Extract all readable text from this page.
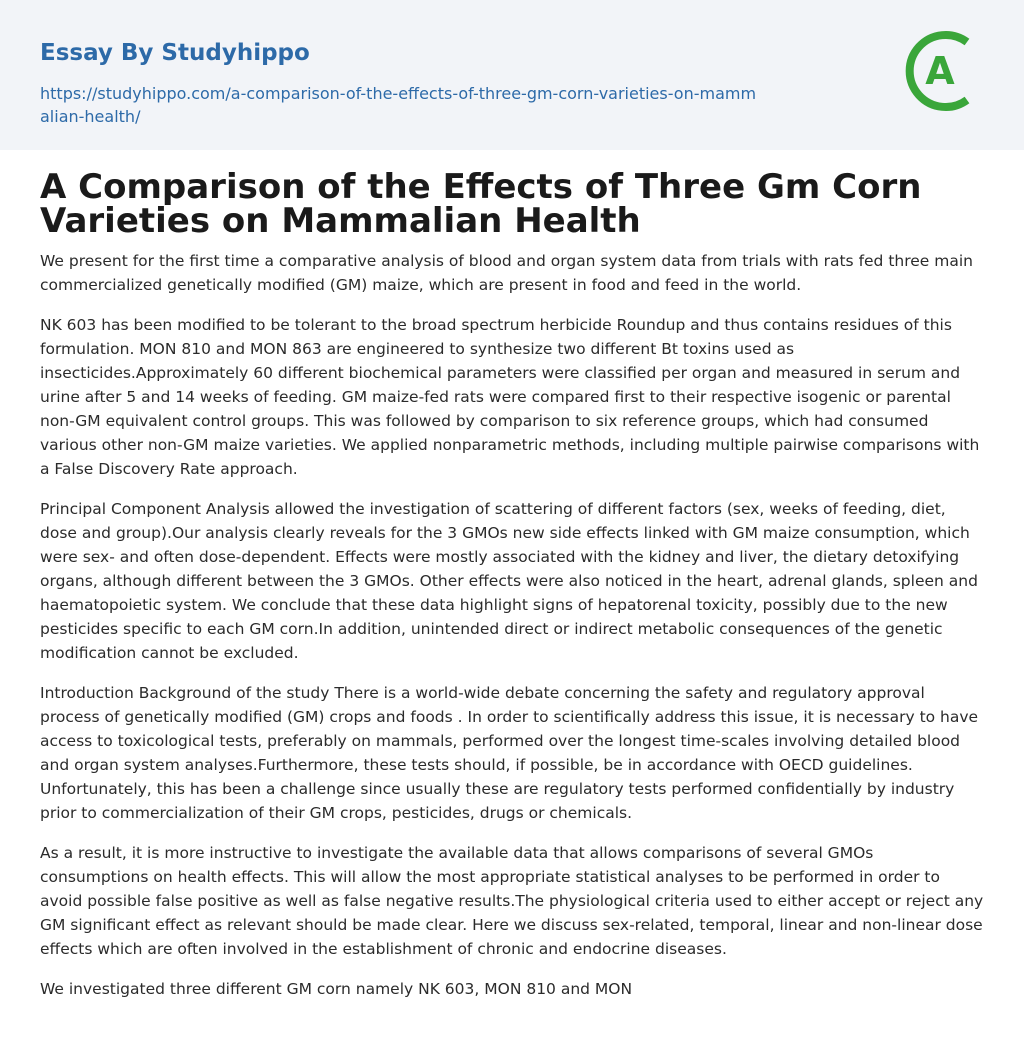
Essay By Studyhippo
https://studyhippo.com/a-comparison-of-the-effects-of-three-gm-corn-varieties-on-mammalian-health/
A
A Comparison of the Effects of Three Gm Corn Varieties on Mammalian Health

We present for the first time a comparative analysis of blood and organ system data from trials with rats fed three main commercialized genetically modified (GM) maize, which are present in food and feed in the world.

NK 603 has been modified to be tolerant to the broad spectrum herbicide Roundup and thus contains residues of this formulation. MON 810 and MON 863 are engineered to synthesize two different Bt toxins used as insecticides.Approximately 60 different biochemical parameters were classified per organ and measured in serum and urine after 5 and 14 weeks of feeding. GM maize-fed rats were compared first to their respective isogenic or parental non-GM equivalent control groups. This was followed by comparison to six reference groups, which had consumed various other non-GM maize varieties. We applied nonparametric methods, including multiple pairwise comparisons with a False Discovery Rate approach.

Principal Component Analysis allowed the investigation of scattering of different factors (sex, weeks of feeding, diet, dose and group).Our analysis clearly reveals for the 3 GMOs new side effects linked with GM maize consumption, which were sex- and often dose-dependent. Effects were mostly associated with the kidney and liver, the dietary detoxifying organs, although different between the 3 GMOs. Other effects were also noticed in the heart, adrenal glands, spleen and haematopoietic system. We conclude that these data highlight signs of hepatorenal toxicity, possibly due to the new pesticides specific to each GM corn.In addition, unintended direct or indirect metabolic consequences of the genetic modification cannot be excluded.

Introduction Background of the study There is a world-wide debate concerning the safety and regulatory approval process of genetically modified (GM) crops and foods . In order to scientifically address this issue, it is necessary to have access to toxicological tests, preferably on mammals, performed over the longest time-scales involving detailed blood and organ system analyses.Furthermore, these tests should, if possible, be in accordance with OECD guidelines. Unfortunately, this has been a challenge since usually these are regulatory tests performed confidentially by industry prior to commercialization of their GM crops, pesticides, drugs or chemicals.

As a result, it is more instructive to investigate the available data that allows comparisons of several GMOs consumptions on health effects. This will allow the most appropriate statistical analyses to be performed in order to avoid possible false positive as well as false negative results.The physiological criteria used to either accept or reject any GM significant effect as relevant should be made clear. Here we discuss sex-related, temporal, linear and non-linear dose effects which are often involved in the establishment of chronic and endocrine diseases.

We investigated three different GM corn namely NK 603, MON 810 and MON
